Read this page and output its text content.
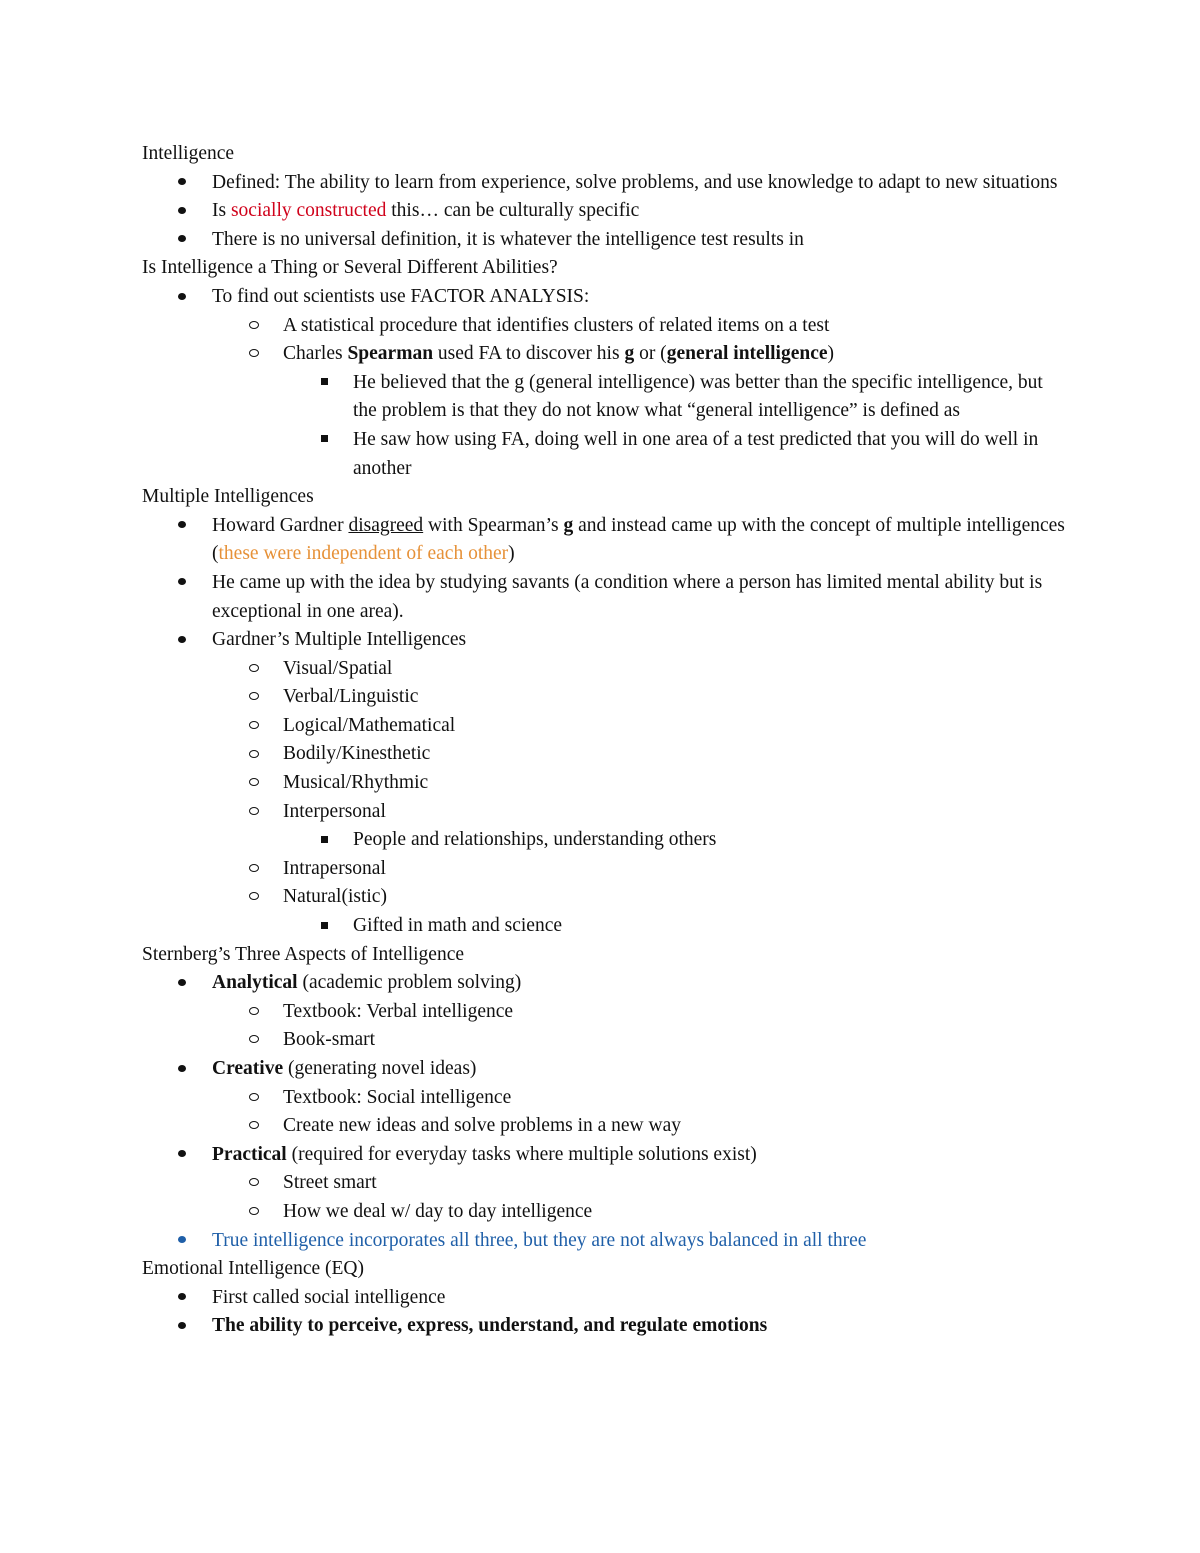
Intelligence
Defined: The ability to learn from experience, solve problems, and use knowledge to adapt to new situations
Is socially constructed this… can be culturally specific
There is no universal definition, it is whatever the intelligence test results in
Is Intelligence a Thing or Several Different Abilities?
To find out scientists use FACTOR ANALYSIS:
A statistical procedure that identifies clusters of related items on a test
Charles Spearman used FA to discover his g or (general intelligence)
He believed that the g (general intelligence) was better than the specific intelligence, but the problem is that they do not know what “general intelligence” is defined as
He saw how using FA, doing well in one area of a test predicted that you will do well in another
Multiple Intelligences
Howard Gardner disagreed with Spearman’s g and instead came up with the concept of multiple intelligences (these were independent of each other)
He came up with the idea by studying savants (a condition where a person has limited mental ability but is exceptional in one area).
Gardner’s Multiple Intelligences
Visual/Spatial
Verbal/Linguistic
Logical/Mathematical
Bodily/Kinesthetic
Musical/Rhythmic
Interpersonal
People and relationships, understanding others
Intrapersonal
Natural(istic)
Gifted in math and science
Sternberg’s Three Aspects of Intelligence
Analytical (academic problem solving)
Textbook: Verbal intelligence
Book-smart
Creative (generating novel ideas)
Textbook: Social intelligence
Create new ideas and solve problems in a new way
Practical (required for everyday tasks where multiple solutions exist)
Street smart
How we deal w/ day to day intelligence
True intelligence incorporates all three, but they are not always balanced in all three
Emotional Intelligence (EQ)
First called social intelligence
The ability to perceive, express, understand, and regulate emotions
